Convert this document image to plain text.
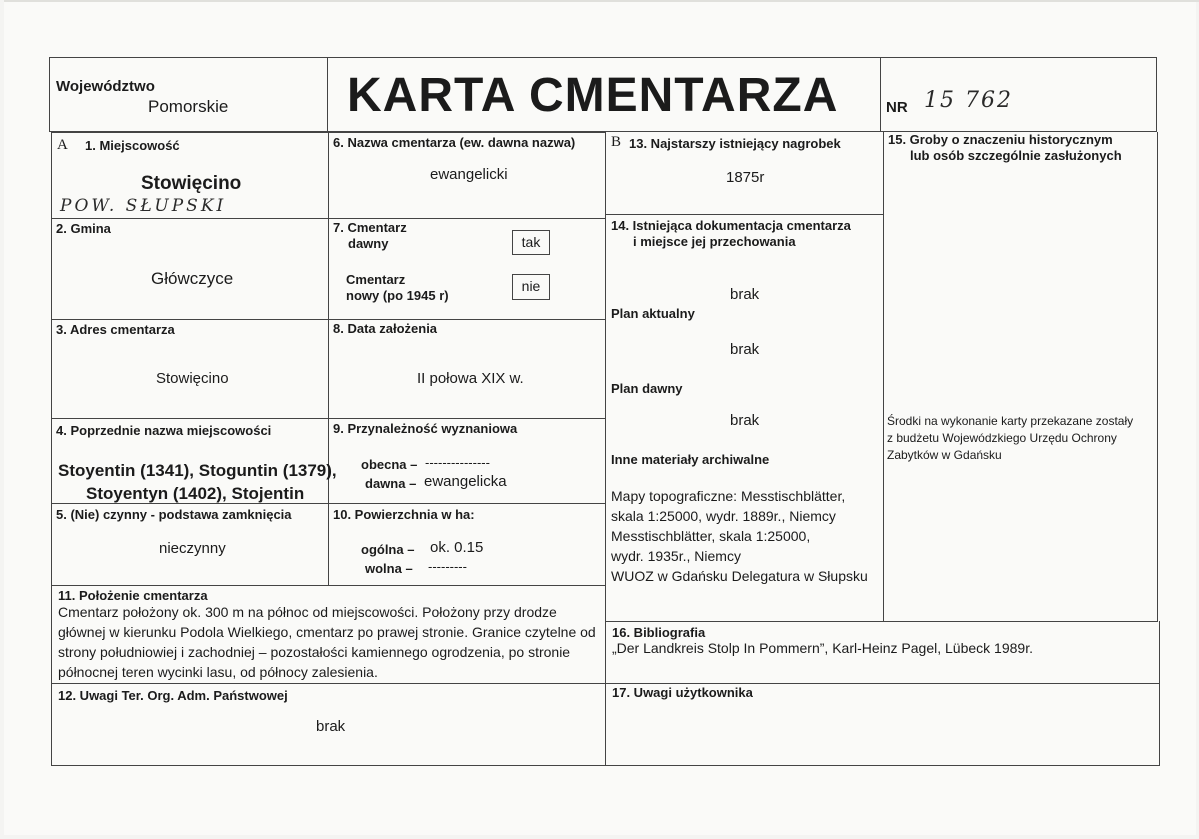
Województwo
Pomorskie KARTA CMENTARZA	NR 15 762
A 1. Miejscowość
Stowięcino
POW. SŁUPSKI
2. Gmina
Główczyce
3. Adres cmentarza
Stowięcino
4. Poprzednie nazwa miejscowości
Stoyentin (1341), Stoguntin (1379),
Stoyentyn (1402), Stojentin
5. (Nie) czynny - podstawa zamknięcia
nieczynny
6. Nazwa cmentarza (ew. dawna nazwa)
ewangelicki
7. Cmentarz
dawny	tak
Cmentarz
nowy (po 1945 r)
nie
8. Data założenia
II połowa XIX w.
9. Przynależność wyznaniowa
obecna – ---------------
dawna – ewangelicka
10. Powierzchnia w ha:
ogólna – ok. 0.15
wolna – ---------
11. Położenie cmentarza
Cmentarz położony ok. 300 m na północ od miejscowości. Położony przy drodze
głównej w kierunku Podola Wielkiego, cmentarz po prawej stronie. Granice czytelne od
strony południowiej i zachodniej – pozostałości kamiennego ogrodzenia, po stronie
północnej teren wycinki lasu, od północy zalesienia.
12. Uwagi Ter. Org. Adm. Państwowej
brak
B 13. Najstarszy istniejący nagrobek
1875r
14. Istniejąca dokumentacja cmentarza
i miejsce jej przechowania
brak
Plan aktualny
brak
Plan dawny
brak
Inne materiały archiwalne
Mapy topograficzne: Messtischblätter,
skala 1:25000, wydr. 1889r., Niemcy
Messtischblätter, skala 1:25000,
wydr. 1935r., Niemcy
WUOZ w Gdańsku Delegatura w Słupsku
15. Groby o znaczeniu historycznym
lub osób szczególnie zasłużonych
Środki na wykonanie karty przekazane zostały
z budżetu Wojewódzkiego Urzędu Ochrony
Zabytków w Gdańsku
16. Bibliografia
„Der Landkreis Stolp In Pommern”, Karl-Heinz Pagel, Lübeck 1989r.
17. Uwagi użytkownika
